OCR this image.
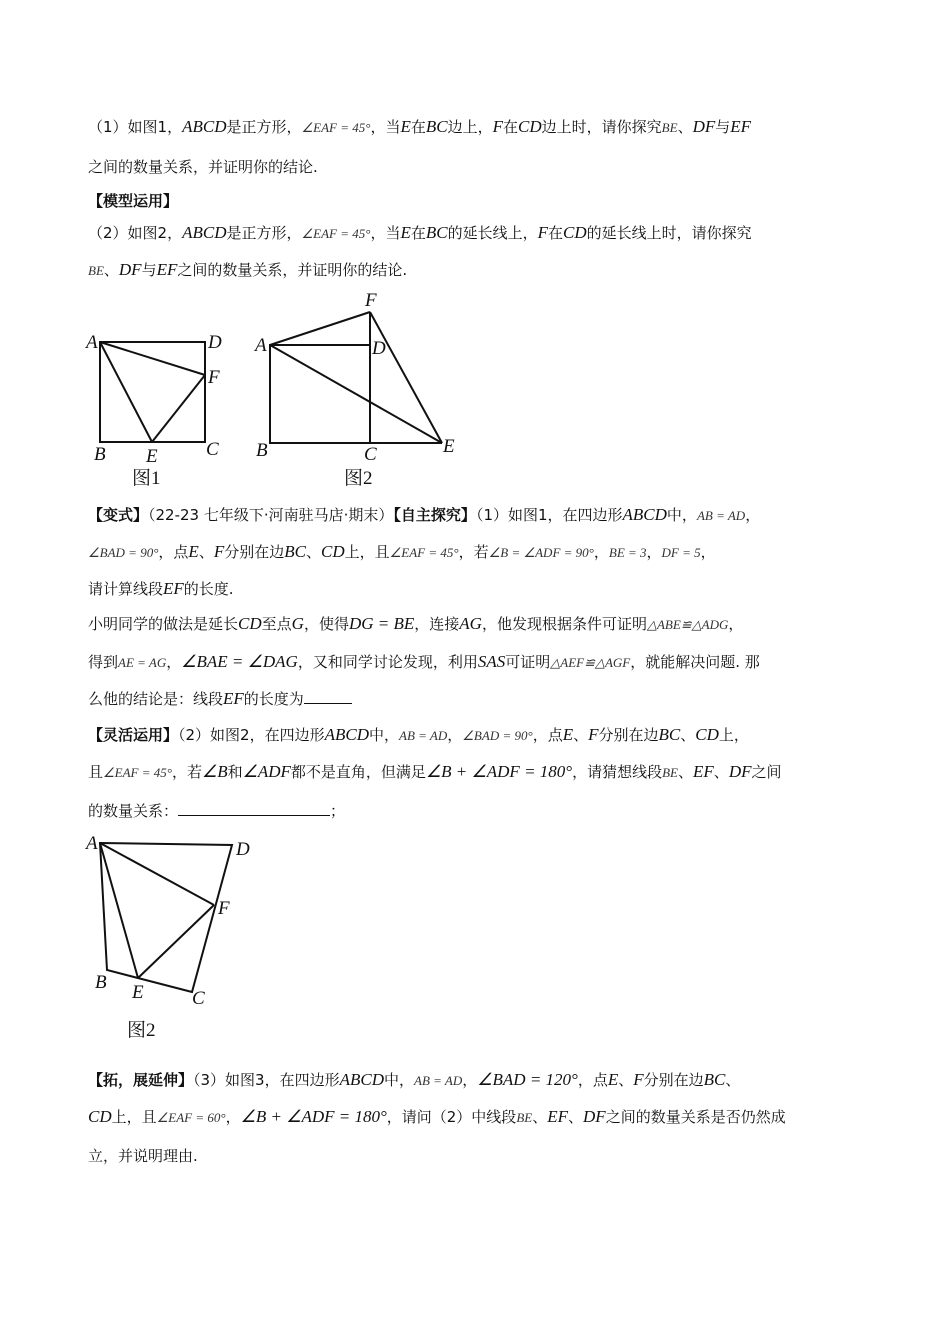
（1）如图1，ABCD是正方形，∠EAF = 45°，当E在BC边上，F在CD边上时，请你探究BE、DF与EF
之间的数量关系，并证明你的结论.
【模型运用】
（2）如图2，ABCD是正方形，∠EAF = 45°，当E在BC的延长线上，F在CD的延长线上时，请你探究
BE、DF与EF之间的数量关系，并证明你的结论.
A	D
F
B E	C
图1
F
A	D
B	C	E
图2
【变式】（22-23 七年级下·河南驻马店·期末）【自主探究】（1）如图1，在四边形ABCD中，AB = AD，
∠BAD = 90°，点E、F分别在边BC、CD上，且∠EAF = 45°，若∠B = ∠ADF = 90°，BE = 3，DF = 5，
请计算线段EF的长度.
小明同学的做法是延长CD至点G，使得DG = BE，连接AG，他发现根据条件可证明△ABE≌△ADG，
得到AE = AG，∠BAE = ∠DAG，又和同学讨论发现，利用SAS可证明△AEF≌△AGF，就能解决问题. 那
么他的结论是：线段EF的长度为
【灵活运用】（2）如图2，在四边形ABCD中，AB = AD，∠BAD = 90°，点E、F分别在边BC、CD上，
且∠EAF = 45°，若∠B和∠ADF都不是直角，但满足∠B + ∠ADF = 180°，请猜想线段BE、EF、DF之间
的数量关系：	；
A	D
F
B E	C
图2
【拓，展延伸】（3）如图3，在四边形ABCD中，AB = AD，∠BAD = 120°，点E、F分别在边BC、
CD上，且∠EAF = 60°，∠B + ∠ADF = 180°，请问（2）中线段BE、EF、DF之间的数量关系是否仍然成
立，并说明理由.
